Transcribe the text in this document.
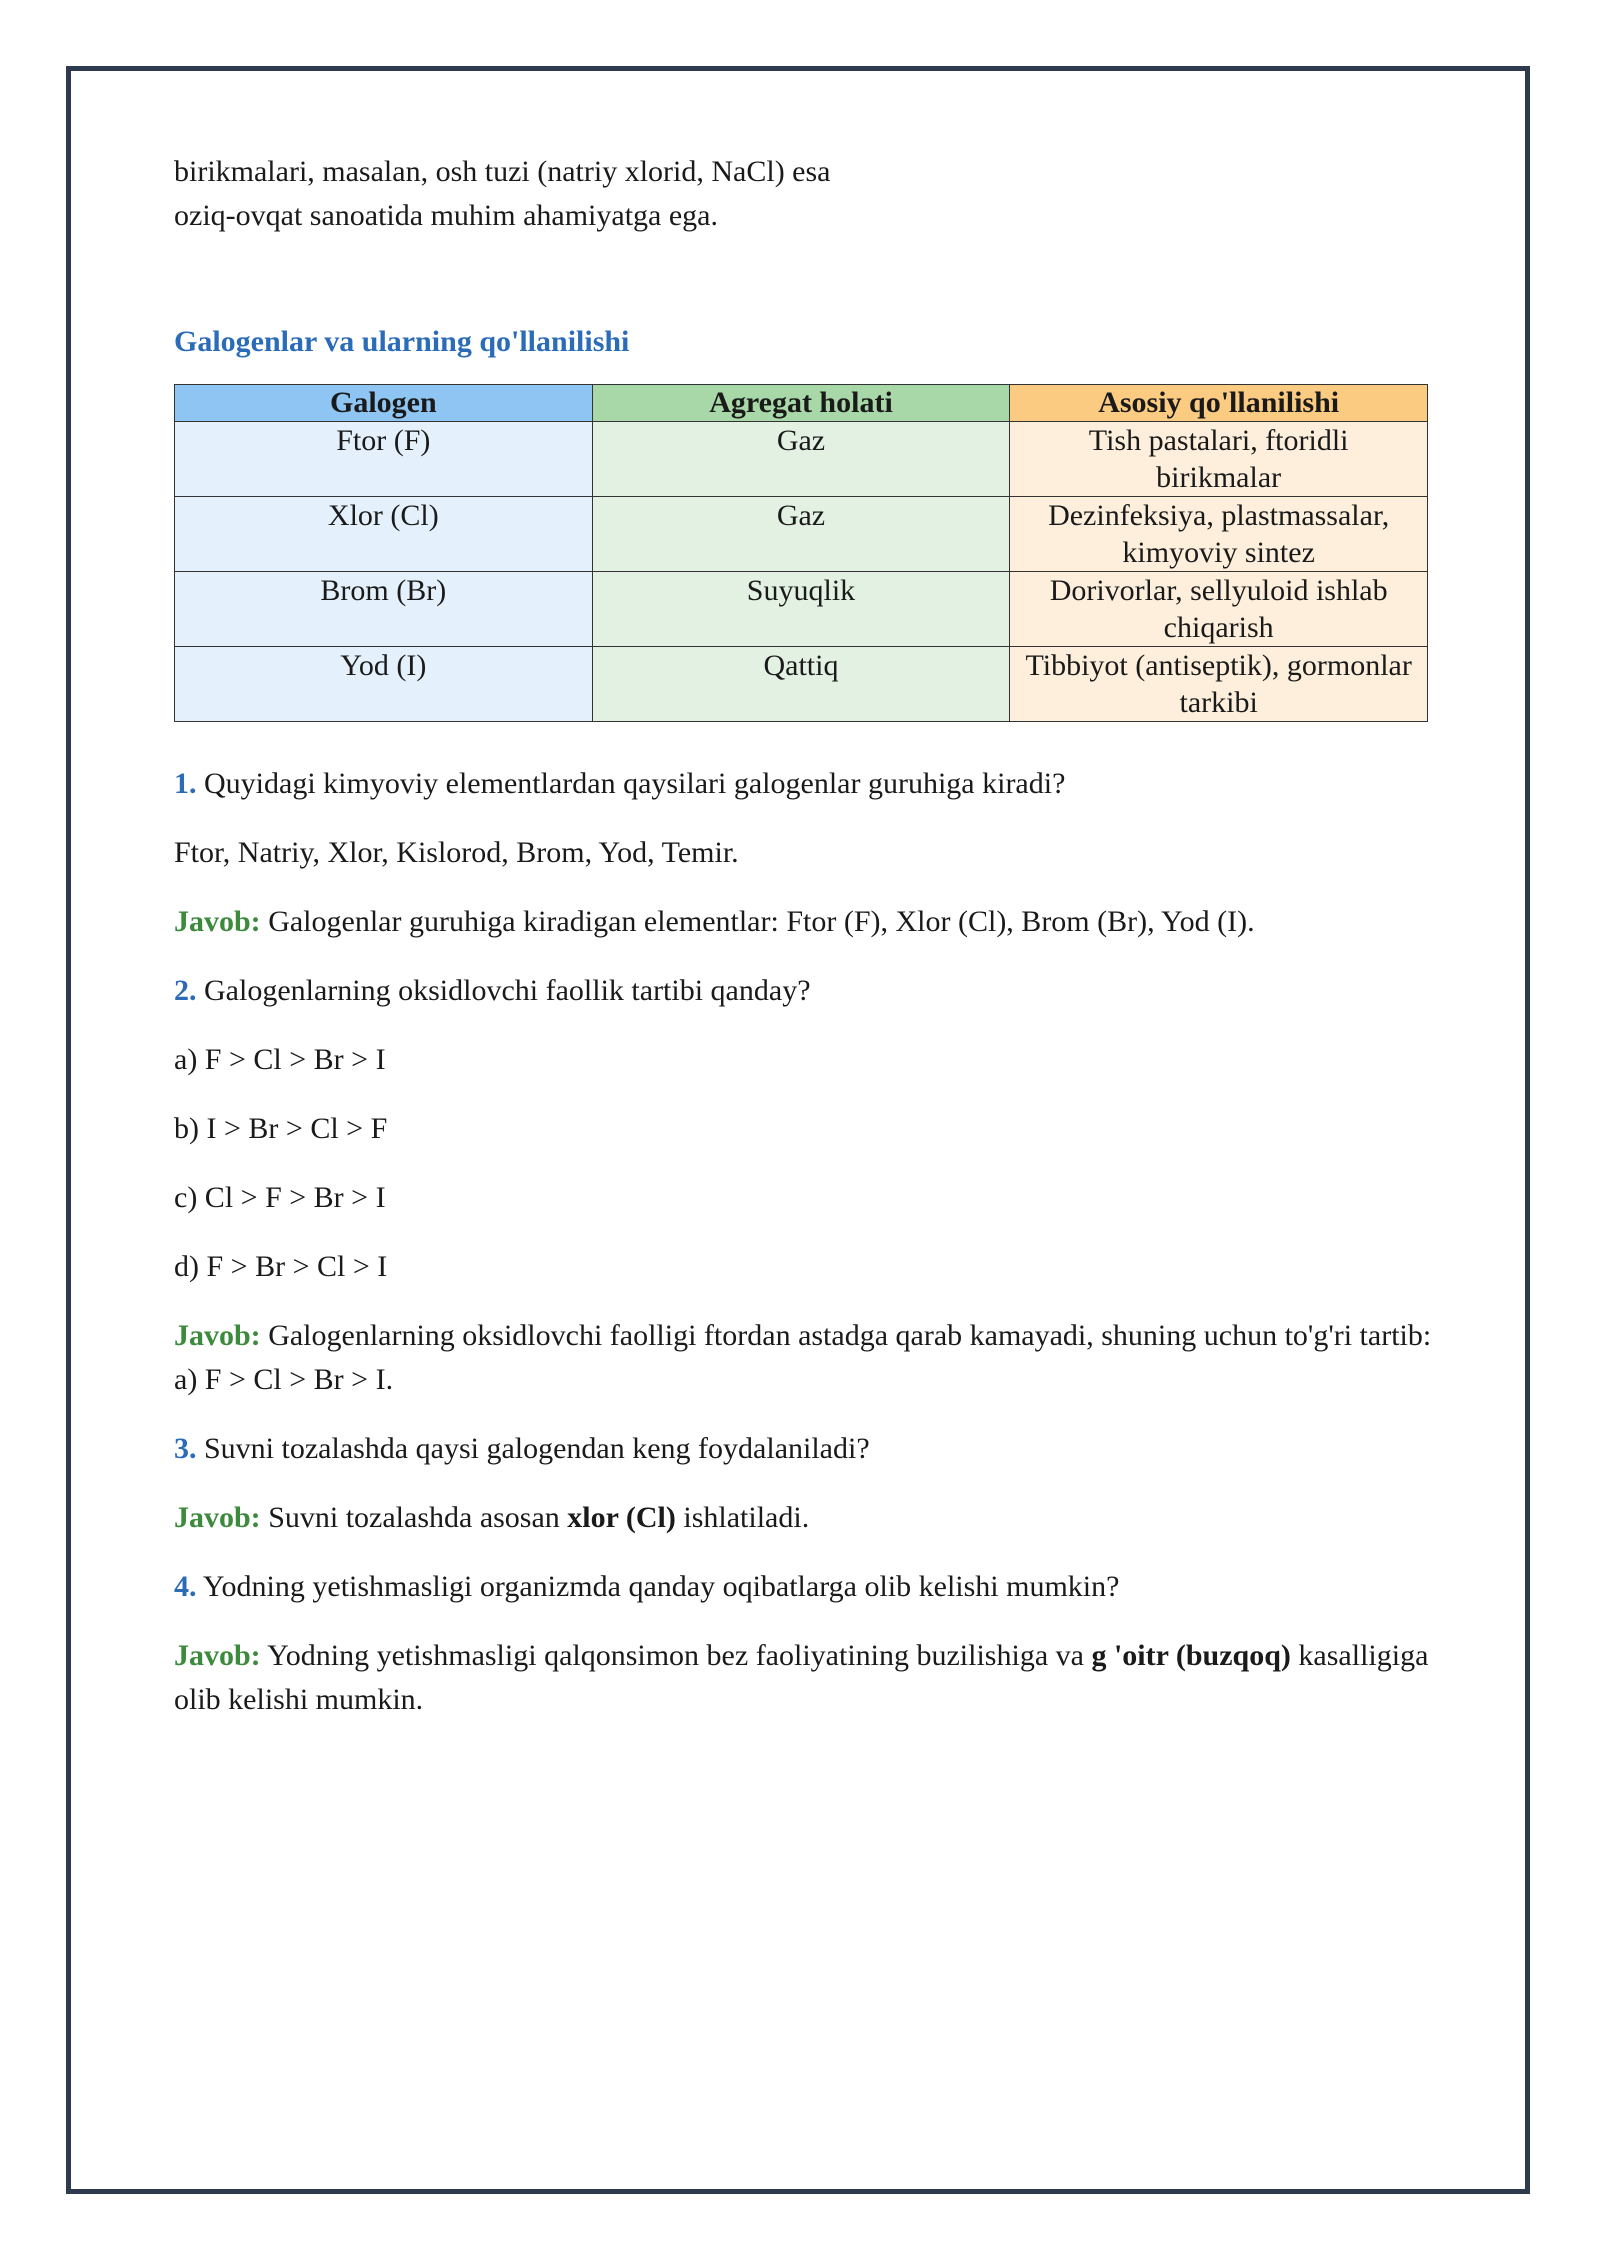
birikmalari, masalan, osh tuzi (natriy xlorid, NaCl) esa
oziq-ovqat sanoatida muhim ahamiyatga ega.

Galogenlar va ularning qo'llanilishi
Galogen	Agregat holati	Asosiy qo'llanilishi
Ftor (F)	Gaz	Tish pastalari, ftoridli birikmalar
Xlor (Cl)	Gaz	Dezinfeksiya, plastmassalar, kimyoviy sintez
Brom (Br)	Suyuqlik	Dorivorlar, sellyuloid ishlab chiqarish
Yod (I)	Qattiq	Tibbiyot (antiseptik), gormonlar tarkibi

1. Quyidagi kimyoviy elementlardan qaysilari galogenlar guruhiga kiradi?

Ftor, Natriy, Xlor, Kislorod, Brom, Yod, Temir.

Javob: Galogenlar guruhiga kiradigan elementlar: Ftor (F), Xlor (Cl), Brom (Br), Yod (I).

2. Galogenlarning oksidlovchi faollik tartibi qanday?

a) F > Cl > Br > I

b) I > Br > Cl > F

c) Cl > F > Br > I

d) F > Br > Cl > I

Javob: Galogenlarning oksidlovchi faolligi ftordan astadga qarab kamayadi, shuning uchun to'g'ri tartib: a) F > Cl > Br > I.

3. Suvni tozalashda qaysi galogendan keng foydalaniladi?

Javob: Suvni tozalashda asosan xlor (Cl) ishlatiladi.

4. Yodning yetishmasligi organizmda qanday oqibatlarga olib kelishi mumkin?

Javob: Yodning yetishmasligi qalqonsimon bez faoliyatining buzilishiga va g 'oitr (buzqoq) kasalligiga olib kelishi mumkin.
